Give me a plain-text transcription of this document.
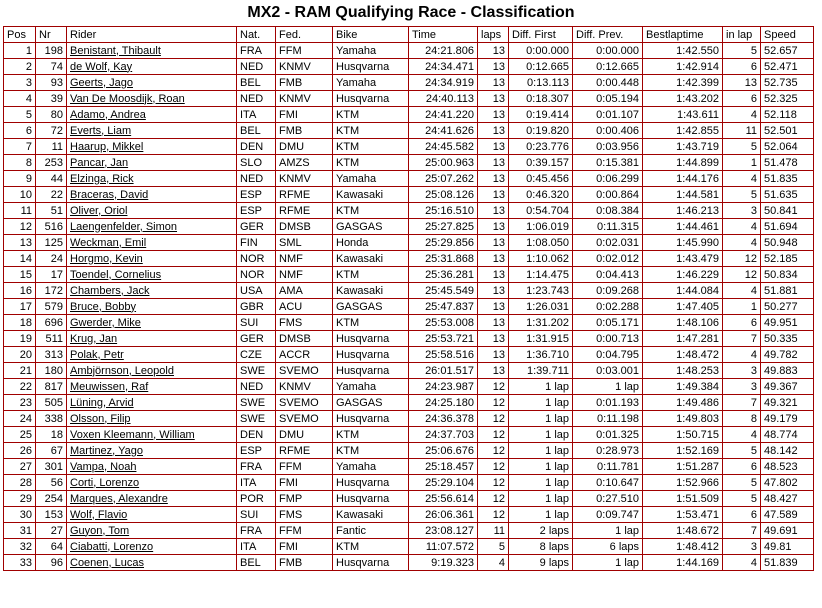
MX2 - RAM Qualifying Race - Classification
Pos	Nr	Rider	Nat.	Fed.	Bike	Time	laps	Diff. First	Diff. Prev.	Bestlaptime	in lap	Speed
1	198	Benistant, Thibault	FRA	FFM	Yamaha	24:21.806	13	0:00.000	0:00.000	1:42.550	5	52.657
2	74	de Wolf, Kay	NED	KNMV	Husqvarna	24:34.471	13	0:12.665	0:12.665	1:42.914	6	52.471
3	93	Geerts, Jago	BEL	FMB	Yamaha	24:34.919	13	0:13.113	0:00.448	1:42.399	13	52.735
4	39	Van De Moosdijk, Roan	NED	KNMV	Husqvarna	24:40.113	13	0:18.307	0:05.194	1:43.202	6	52.325
5	80	Adamo, Andrea	ITA	FMI	KTM	24:41.220	13	0:19.414	0:01.107	1:43.611	4	52.118
6	72	Everts, Liam	BEL	FMB	KTM	24:41.626	13	0:19.820	0:00.406	1:42.855	11	52.501
7	11	Haarup, Mikkel	DEN	DMU	KTM	24:45.582	13	0:23.776	0:03.956	1:43.719	5	52.064
8	253	Pancar, Jan	SLO	AMZS	KTM	25:00.963	13	0:39.157	0:15.381	1:44.899	1	51.478
9	44	Elzinga, Rick	NED	KNMV	Yamaha	25:07.262	13	0:45.456	0:06.299	1:44.176	4	51.835
10	22	Braceras, David	ESP	RFME	Kawasaki	25:08.126	13	0:46.320	0:00.864	1:44.581	5	51.635
11	51	Oliver, Oriol	ESP	RFME	KTM	25:16.510	13	0:54.704	0:08.384	1:46.213	3	50.841
12	516	Laengenfelder, Simon	GER	DMSB	GASGAS	25:27.825	13	1:06.019	0:11.315	1:44.461	4	51.694
13	125	Weckman, Emil	FIN	SML	Honda	25:29.856	13	1:08.050	0:02.031	1:45.990	4	50.948
14	24	Horgmo, Kevin	NOR	NMF	Kawasaki	25:31.868	13	1:10.062	0:02.012	1:43.479	12	52.185
15	17	Toendel, Cornelius	NOR	NMF	KTM	25:36.281	13	1:14.475	0:04.413	1:46.229	12	50.834
16	172	Chambers, Jack	USA	AMA	Kawasaki	25:45.549	13	1:23.743	0:09.268	1:44.084	4	51.881
17	579	Bruce, Bobby	GBR	ACU	GASGAS	25:47.837	13	1:26.031	0:02.288	1:47.405	1	50.277
18	696	Gwerder, Mike	SUI	FMS	KTM	25:53.008	13	1:31.202	0:05.171	1:48.106	6	49.951
19	511	Krug, Jan	GER	DMSB	Husqvarna	25:53.721	13	1:31.915	0:00.713	1:47.281	7	50.335
20	313	Polak, Petr	CZE	ACCR	Husqvarna	25:58.516	13	1:36.710	0:04.795	1:48.472	4	49.782
21	180	Ambjörnson, Leopold	SWE	SVEMO	Husqvarna	26:01.517	13	1:39.711	0:03.001	1:48.253	3	49.883
22	817	Meuwissen, Raf	NED	KNMV	Yamaha	24:23.987	12	1 lap	1 lap	1:49.384	3	49.367
23	505	Lüning, Arvid	SWE	SVEMO	GASGAS	24:25.180	12	1 lap	0:01.193	1:49.486	7	49.321
24	338	Olsson, Filip	SWE	SVEMO	Husqvarna	24:36.378	12	1 lap	0:11.198	1:49.803	8	49.179
25	18	Voxen Kleemann, William	DEN	DMU	KTM	24:37.703	12	1 lap	0:01.325	1:50.715	4	48.774
26	67	Martinez, Yago	ESP	RFME	KTM	25:06.676	12	1 lap	0:28.973	1:52.169	5	48.142
27	301	Vampa, Noah	FRA	FFM	Yamaha	25:18.457	12	1 lap	0:11.781	1:51.287	6	48.523
28	56	Corti, Lorenzo	ITA	FMI	Husqvarna	25:29.104	12	1 lap	0:10.647	1:52.966	5	47.802
29	254	Marques, Alexandre	POR	FMP	Husqvarna	25:56.614	12	1 lap	0:27.510	1:51.509	5	48.427
30	153	Wolf, Flavio	SUI	FMS	Kawasaki	26:06.361	12	1 lap	0:09.747	1:53.471	6	47.589
31	27	Guyon, Tom	FRA	FFM	Fantic	23:08.127	11	2 laps	1 lap	1:48.672	7	49.691
32	64	Ciabatti, Lorenzo	ITA	FMI	KTM	11:07.572	5	8 laps	6 laps	1:48.412	3	49.81
33	96	Coenen, Lucas	BEL	FMB	Husqvarna	9:19.323	4	9 laps	1 lap	1:44.169	4	51.839
